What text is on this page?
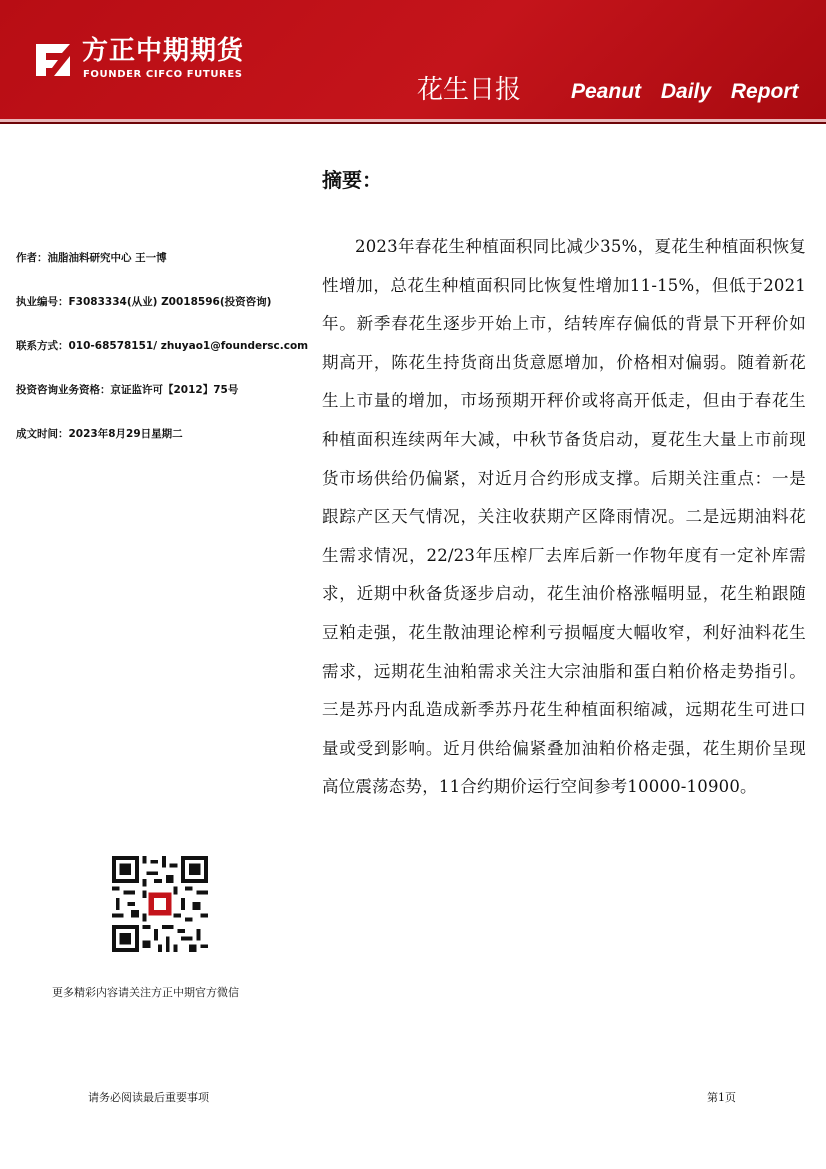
方正中期期货
FOUNDER CIFCO FUTURES
花生日报 Peanut Daily Report
摘要：
作者：油脂油料研究中心 王一博
执业编号：F3083334(从业) Z0018596(投资咨询)
联系方式：010-68578151/ zhuyao1@foundersc.com
投资咨询业务资格：京证监许可【2012】75号
成文时间：2023年8月29日星期二

2023年春花生种植面积同比减少35%，夏花生种植面积恢复性增加，总花生种植面积同比恢复性增加11-15%，但低于2021年。新季春花生逐步开始上市，结转库存偏低的背景下开秤价如期高开，陈花生持货商出货意愿增加，价格相对偏弱。随着新花生上市量的增加，市场预期开秤价或将高开低走，但由于春花生种植面积连续两年大减，中秋节备货启动，夏花生大量上市前现货市场供给仍偏紧，对近月合约形成支撑。后期关注重点：一是跟踪产区天气情况，关注收获期产区降雨情况。二是远期油料花生需求情况，22/23年压榨厂去库后新一作物年度有一定补库需求，近期中秋备货逐步启动，花生油价格涨幅明显，花生粕跟随豆粕走强，花生散油理论榨利亏损幅度大幅收窄，利好油料花生需求，远期花生油粕需求关注大宗油脂和蛋白粕价格走势指引。三是苏丹内乱造成新季苏丹花生种植面积缩减，远期花生可进口量或受到影响。近月供给偏紧叠加油粕价格走强，花生期价呈现高位震荡态势，11合约期价运行空间参考10000-10900。

更多精彩内容请关注方正中期官方微信
请务必阅读最后重要事项	第1页
